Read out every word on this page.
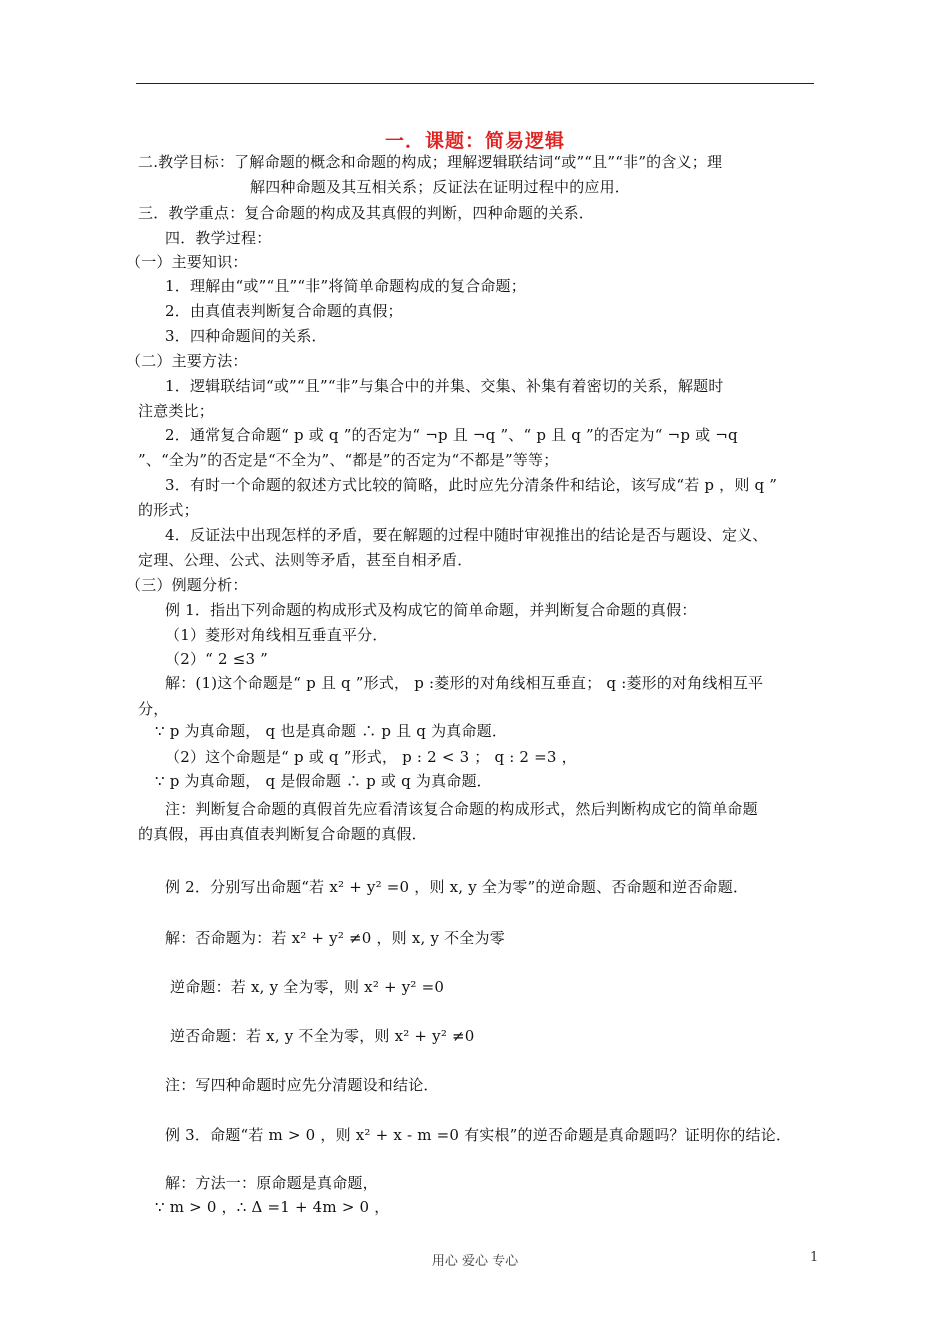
一．课题：简易逻辑
二.教学目标：了解命题的概念和命题的构成；理解逻辑联结词“或”“且”“非”的含义；理
解四种命题及其互相关系；反证法在证明过程中的应用．
三．教学重点：复合命题的构成及其真假的判断，四种命题的关系．
四．教学过程：
（一）主要知识：
1．理解由“或”“且”“非”将简单命题构成的复合命题；
2．由真值表判断复合命题的真假；
3．四种命题间的关系．
（二）主要方法：
1．逻辑联结词“或”“且”“非”与集合中的并集、交集、补集有着密切的关系，解题时
注意类比；
2．通常复合命题“ p 或 q ”的否定为“ ¬p 且 ¬q ”、“ p 且 q ”的否定为“ ¬p 或 ¬q
”、“全为”的否定是“不全为”、“都是”的否定为“不都是”等等；
3．有时一个命题的叙述方式比较的简略，此时应先分清条件和结论，该写成“若 p ，则 q ”
的形式；
4．反证法中出现怎样的矛盾，要在解题的过程中随时审视推出的结论是否与题设、定义、
定理、公理、公式、法则等矛盾，甚至自相矛盾．
（三）例题分析：
例 1．指出下列命题的构成形式及构成它的简单命题，并判断复合命题的真假：
（1）菱形对角线相互垂直平分．
（2）“ 2 ≤3 ”
解：(1)这个命题是“ p 且 q ”形式， p :菱形的对角线相互垂直； q :菱形的对角线相互平
分，
∵ p 为真命题， q 也是真命题 ∴ p 且 q 为真命题．
（2）这个命题是“ p 或 q ”形式， p : 2 < 3 ； q : 2 =3 ，
∵ p 为真命题， q 是假命题 ∴ p 或 q 为真命题．
注：判断复合命题的真假首先应看清该复合命题的构成形式，然后判断构成它的简单命题
的真假，再由真值表判断复合命题的真假．
例 2．分别写出命题“若 x² + y² =0 ，则 x, y 全为零”的逆命题、否命题和逆否命题．
解：否命题为：若 x² + y² ≠0 ，则 x, y 不全为零
逆命题：若 x, y 全为零，则 x² + y² =0
逆否命题：若 x, y 不全为零，则 x² + y² ≠0
注：写四种命题时应先分清题设和结论．
例 3．命题“若 m > 0 ，则 x² + x - m =0 有实根”的逆否命题是真命题吗？证明你的结论．
解：方法一：原命题是真命题，
∵ m > 0 ，∴ Δ =1 + 4m > 0 ，
用心 爱心 专心	1
